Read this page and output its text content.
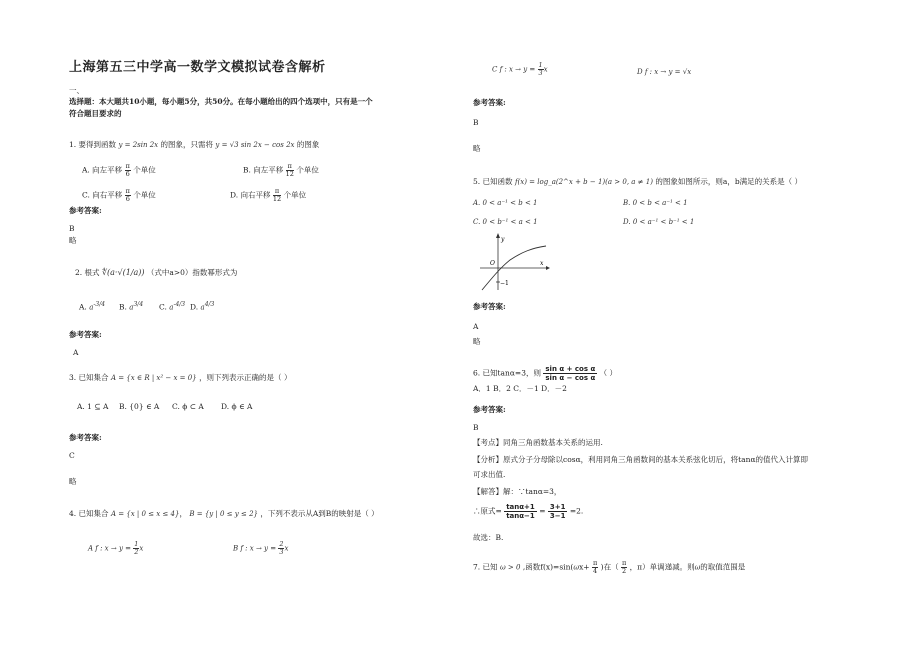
上海第五三中学高一数学文模拟试卷含解析
一、
选择题：本大题共10小题，每小题5分，共50分。在每小题给出的四个选项中，只有是一个
符合题目要求的
1. 要得到函数 y = 2sin 2x 的图象，只需将 y = √3 sin 2x − cos 2x 的图象
A. 向左平移 $\frac{\pi}{6}$ 个单位	B. 向左平移 $\frac{\pi}{12}$ 个单位
C. 向右平移 $\frac{\pi}{6}$ 个单位	D. 向右平移 $\frac{\pi}{12}$ 个单位
参考答案:
B
略
2. 根式 ∜(a·√(1/a)) （式中a>0）指数幂形式为
A. $a^{-3/4}$ B. $a^{3/4}$ C. $a^{-4/3}$ D. $a^{4/3}$
参考答案:
A
3. 已知集合 A = {x ∈ R | x² − x = 0} ，则下列表示正确的是（ ）
A. 1 ⊆ A B. {0} ∈ A C. ϕ ⊂ A D. ϕ ∈ A
参考答案:
C
略
4. 已知集合 A = {x | 0 ≤ x ≤ 4}， B = {y | 0 ≤ y ≤ 2} ，下列不表示从A到B的映射是（ ）
A f : $x \to y = \frac{1}{2}$ x	B f : $x \to y = \frac{2}{3}$ x
C f : $x \to y = \frac{1}{3}$ x	D f : x → y = √x
参考答案:
B
略
5. 已知函数 f(x) = log_a(2^x + b − 1)(a > 0, a ≠ 1) 的图象如图所示，则a，b满足的关系是（ ）
A. 0 < a⁻¹ < b < 1	B. 0 < b < a⁻¹ < 1
C. 0 < b⁻¹ < a < 1	D. 0 < a⁻¹ < b⁻¹ < 1
y
x
O
−1
参考答案:
A
略
6. 已知tanα=3，则 $\frac{\text{sin α + cos α}}{\text{sin α − cos α}}$ （ ）
A．1 B．2 C．－1 D．－2
参考答案:
B
【考点】同角三角函数基本关系的运用.
【分析】原式分子分母除以cosα，利用同角三角函数间的基本关系弦化切后，将tanα的值代入计算即
可求出值.
【解答】解：∵tanα=3，
∴原式= $\frac{\tan\alpha+1}{\tan\alpha-1} = \frac{3+1}{3-1} =2$.
故选：B.
7. 已知 ω > 0 ,函数$f(x)=\sin(\omega x+ \frac{\pi}{4}$ )在（ $\frac{\pi}{2}$ ，π）单调递减。则ω的取值范围是
